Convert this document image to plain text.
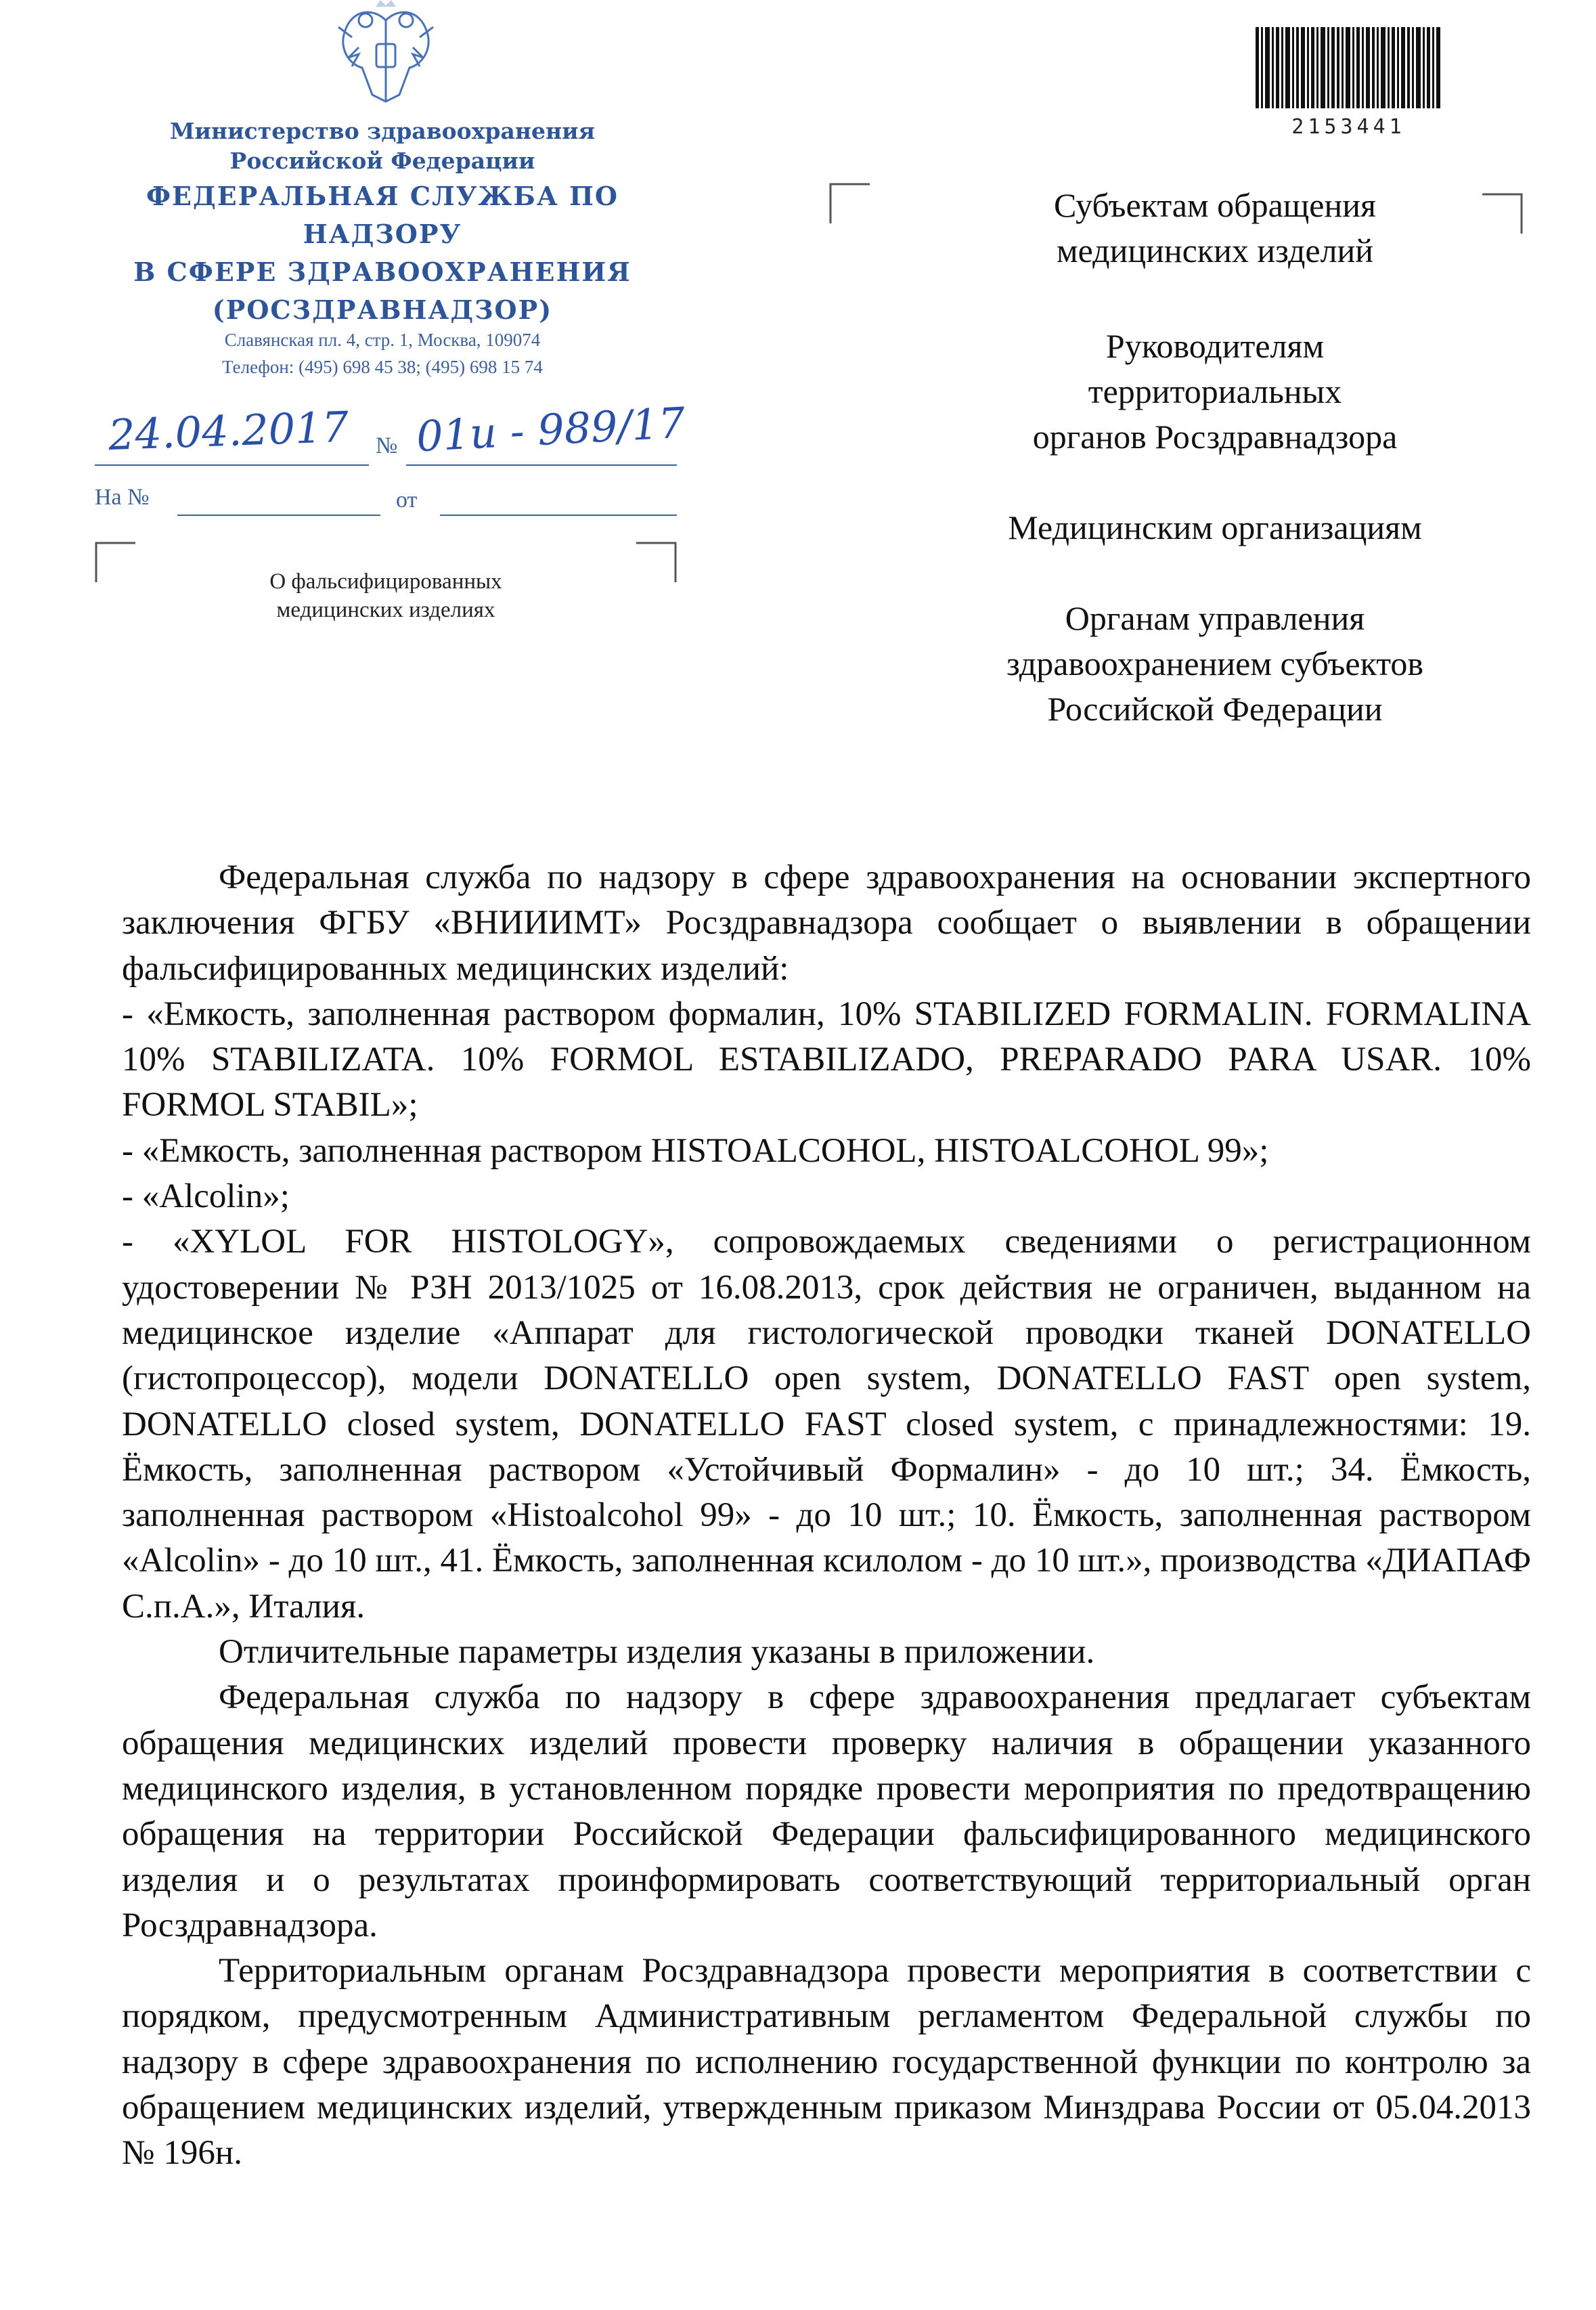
Министерство здравоохранения
Российской Федерации
ФЕДЕРАЛЬНАЯ СЛУЖБА ПО НАДЗОРУ
В СФЕРЕ ЗДРАВООХРАНЕНИЯ
(РОСЗДРАВНАДЗОР)
Славянская пл. 4, стр. 1, Москва, 109074
Телефон: (495) 698 45 38; (495) 698 15 74
24.04.2017 № 01и - 989/17
На №	от
О фальсифицированных
медицинских изделиях
2153441
Субъектам обращения
медицинских изделий
Руководителям
территориальных
органов Росздравнадзора
Медицинским организациям
Органам управления
здравоохранением субъектов
Российской Федерации

Федеральная служба по надзору в сфере здравоохранения на основании экспертного заключения ФГБУ «ВНИИИМТ» Росздравнадзора сообщает о выявлении в обращении фальсифицированных медицинских изделий:

- «Емкость, заполненная раствором формалин, 10% STABILIZED FORMALIN. FORMALINA 10% STABILIZATA. 10% FORMOL ESTABILIZADO, PREPARADO PARA USAR. 10% FORMOL STABIL»;

- «Емкость, заполненная раствором HISTOALCOHOL, HISTOALCOHOL 99»;

- «Alcolin»;

- «XYLOL FOR HISTOLOGY», сопровождаемых сведениями о регистрационном удостоверении № РЗН 2013/1025 от 16.08.2013, срок действия не ограничен, выданном на медицинское изделие «Аппарат для гистологической проводки тканей DONATELLO (гистопроцессор), модели DONATELLO open system, DONATELLO FAST open system, DONATELLO closed system, DONATELLO FAST closed system, с принадлежностями: 19. Ёмкость, заполненная раствором «Устойчивый Формалин» - до 10 шт.; 34. Ёмкость, заполненная раствором «Histoalcohol 99» - до 10 шт.; 10. Ёмкость, заполненная раствором «Alcolin» - до 10 шт., 41. Ёмкость, заполненная ксилолом - до 10 шт.», производства «ДИАПАФ С.п.А.», Италия.

Отличительные параметры изделия указаны в приложении.

Федеральная служба по надзору в сфере здравоохранения предлагает субъектам обращения медицинских изделий провести проверку наличия в обращении указанного медицинского изделия, в установленном порядке провести мероприятия по предотвращению обращения на территории Российской Федерации фальсифицированного медицинского изделия и о результатах проинформировать соответствующий территориальный орган Росздравнадзора.

Территориальным органам Росздравнадзора провести мероприятия в соответствии с порядком, предусмотренным Административным регламентом Федеральной службы по надзору в сфере здравоохранения по исполнению государственной функции по контролю за обращением медицинских изделий, утвержденным приказом Минздрава России от 05.04.2013 № 196н.
